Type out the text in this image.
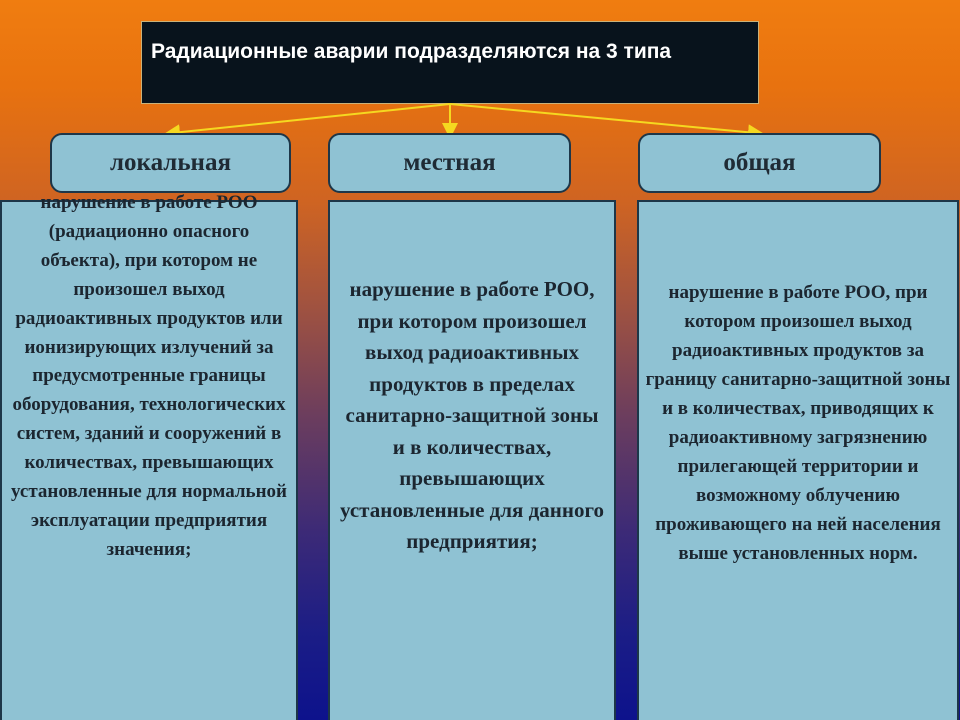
Радиационные аварии подразделяются на 3 типа
локальная	местная	общая

нарушение в работе РОО (радиационно опасного объекта), при котором не произошел выход радиоактивных продуктов или ионизирующих излучений за предусмотренные границы оборудования, технологических систем, зданий и сооружений в количествах, превышающих установленные для нормальной эксплуатации предприятия значения;

нарушение в работе РОО, при котором произошел выход радиоактивных продуктов в пределах санитарно-защитной зоны и в количествах, превышающих установленные для данного предприятия;

нарушение в работе РОО, при котором произошел выход радиоактивных продуктов за границу санитарно-защитной зоны и в количествах, приводящих к радиоактивному загрязнению прилегающей территории и возможному облучению проживающего на ней населения выше установленных норм.
